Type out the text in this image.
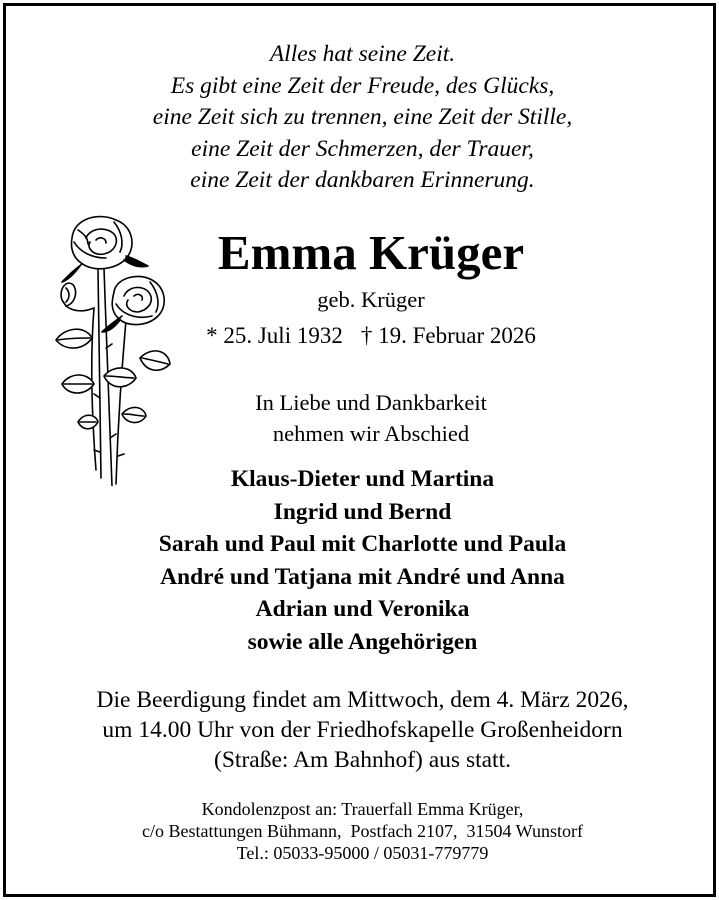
Alles hat seine Zeit.
Es gibt eine Zeit der Freude, des Glücks,
eine Zeit sich zu trennen, eine Zeit der Stille,
eine Zeit der Schmerzen, der Trauer,
eine Zeit der dankbaren Erinnerung.
Emma Krüger
geb. Krüger
* 25. Juli 1932 † 19. Februar 2026
In Liebe und Dankbarkeit
nehmen wir Abschied
Klaus-Dieter und Martina
Ingrid und Bernd
Sarah und Paul mit Charlotte und Paula
André und Tatjana mit André und Anna
Adrian und Veronika
sowie alle Angehörigen
Die Beerdigung findet am Mittwoch, dem 4. März 2026,
um 14.00 Uhr von der Friedhofskapelle Großenheidorn
(Straße: Am Bahnhof) aus statt.
Kondolenzpost an: Trauerfall Emma Krüger,
c/o Bestattungen Bühmann,  Postfach 2107,  31504 Wunstorf
Tel.: 05033-95000 / 05031-779779
